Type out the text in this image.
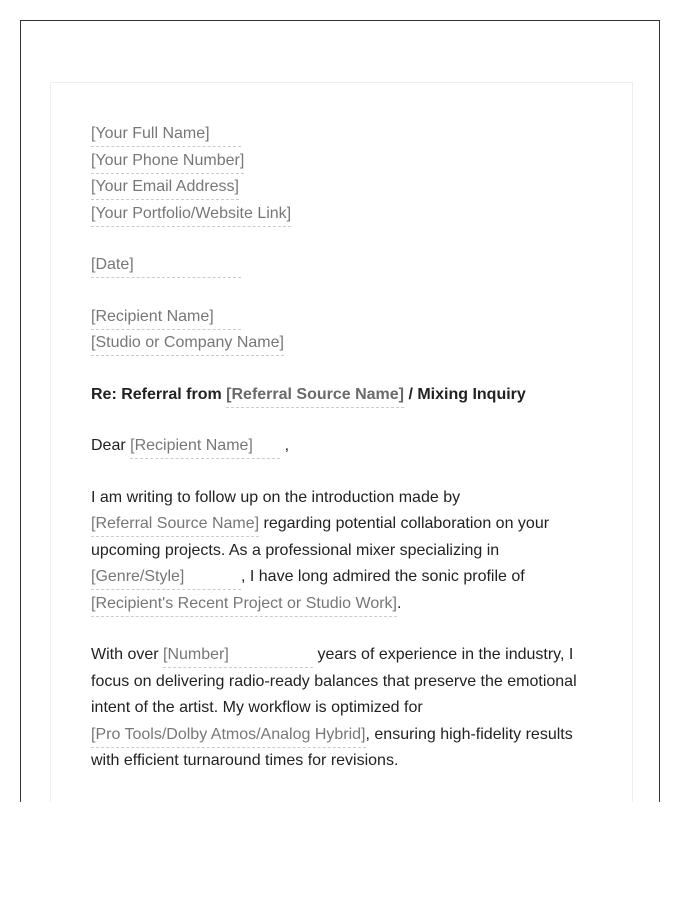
[Your Full Name]
[Your Phone Number]
[Your Email Address]
[Your Portfolio/Website Link]
[Date]
[Recipient Name]
[Studio or Company Name]
Re: Referral from [Referral Source Name] / Mixing Inquiry
Dear [Recipient Name] ,

I am writing to follow up on the introduction made by [Referral Source Name] regarding potential collaboration on your upcoming projects. As a professional mixer specializing in [Genre/Style]	, I have long admired the sonic profile of [Recipient's Recent Project or Studio Work].

With over [Number]	years of experience in the industry, I focus on delivering radio-ready balances that preserve the emotional intent of the artist. My workflow is optimized for [Pro Tools/Dolby Atmos/Analog Hybrid], ensuring high-fidelity results with efficient turnaround times for revisions.
